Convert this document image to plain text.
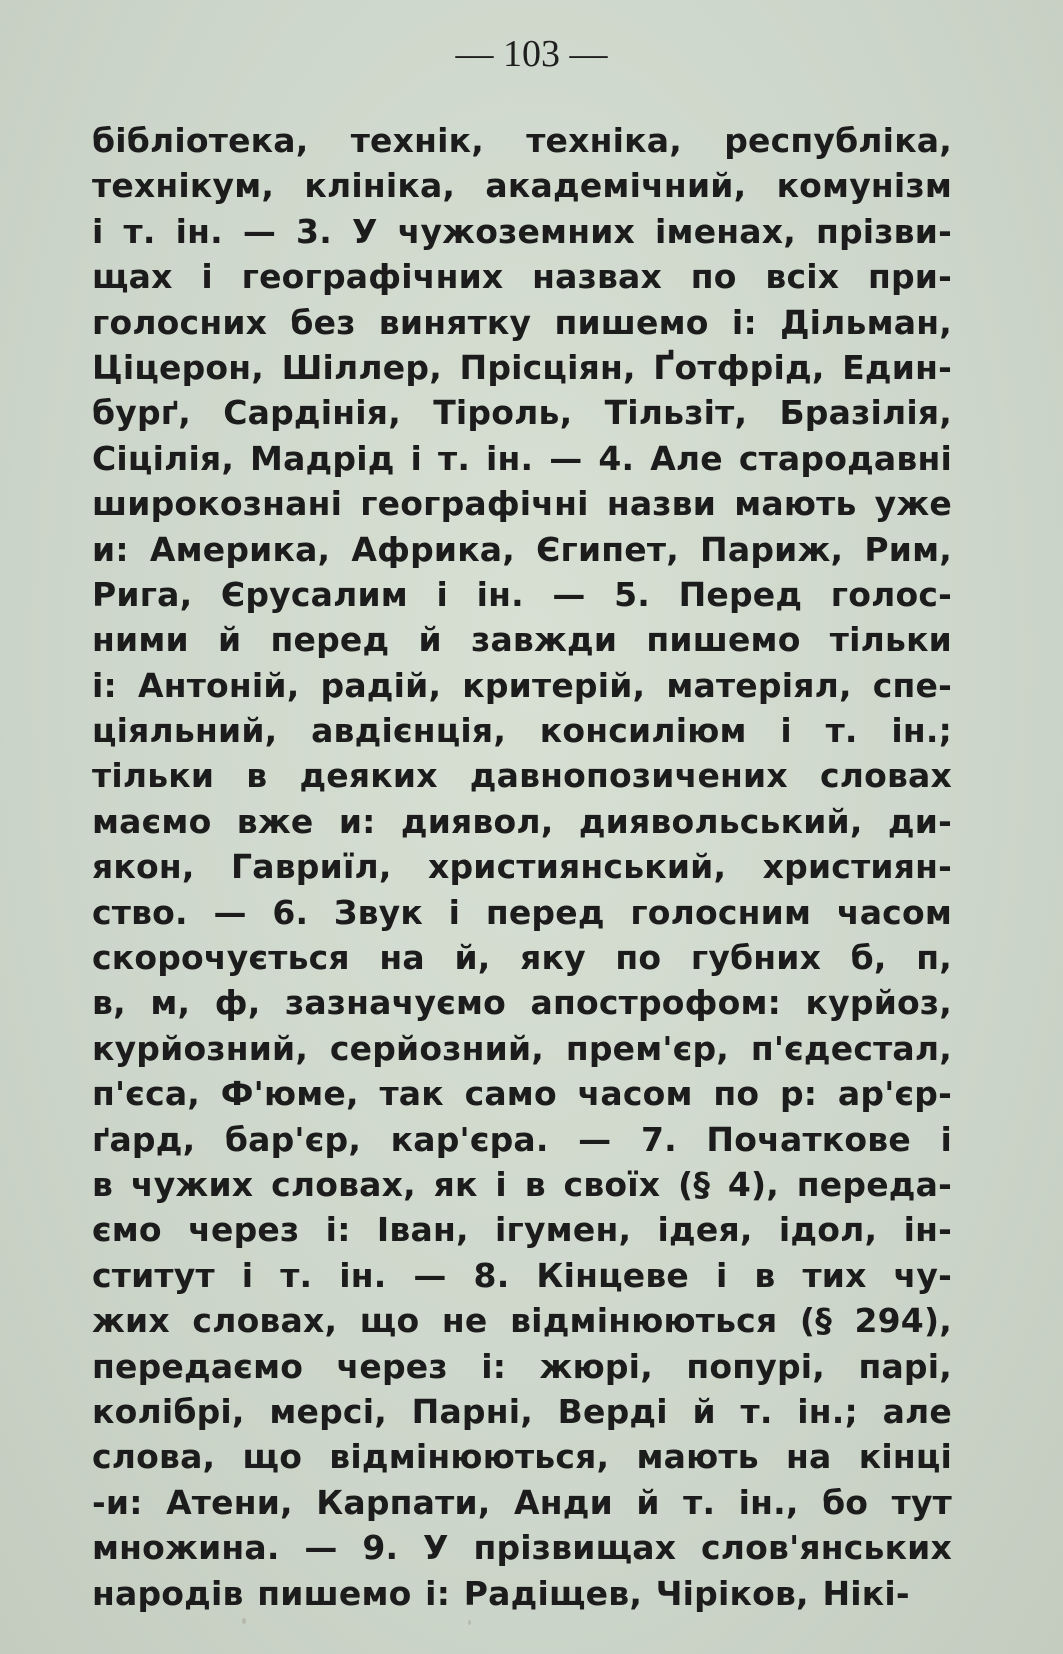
— 103 —
бібліотека, технік, техніка, республіка,
технікум, клініка, академічний, комунізм
і т. ін. — 3. У чужоземних іменах, прізви-
щах і географічних назвах по всіх при-
голосних без винятку пишемо і: Дільман,
Ціцерон, Шіллер, Прісціян, Ґотфрід, Един-
бурґ, Сардінія, Тіроль, Тільзіт, Бразілія,
Сіцілія, Мадрід і т. ін. — 4. Але стародавні
широкознані географічні назви мають уже
и: Америка, Африка, Єгипет, Париж, Рим,
Рига, Єрусалим і ін. — 5. Перед голос-
ними й перед й завжди пишемо тільки
і: Антоній, радій, критерій, матеріял, спе-
ціяльний, авдієнція, консиліюм і т. ін.;
тільки в деяких давнопозичених словах
маємо вже и: диявол, диявольський, ди-
якон, Гавриїл, християнський, християн-
ство. — 6. Звук і перед голосним часом
скорочується на й, яку по губних б, п,
в, м, ф, зазначуємо апострофом: курйоз,
курйозний, серйозний, прем'єр, п'єдестал,
п'єса, Ф'юме, так само часом по р: ар'єр-
ґард, бар'єр, кар'єра. — 7. Початкове і
в чужих словах, як і в своїх (§ 4), переда-
ємо через і: Іван, ігумен, ідея, ідол, ін-
ститут і т. ін. — 8. Кінцеве і в тих чу-
жих словах, що не відмінюються (§ 294),
передаємо через і: жюрі, попурі, парі,
колібрі, мерсі, Парні, Верді й т. ін.; але
слова, що відмінюються, мають на кінці
-и: Атени, Карпати, Анди й т. ін., бо тут
множина. — 9. У прізвищах слов'янських
народів пишемо і: Радіщев, Чіріков, Нікі-
